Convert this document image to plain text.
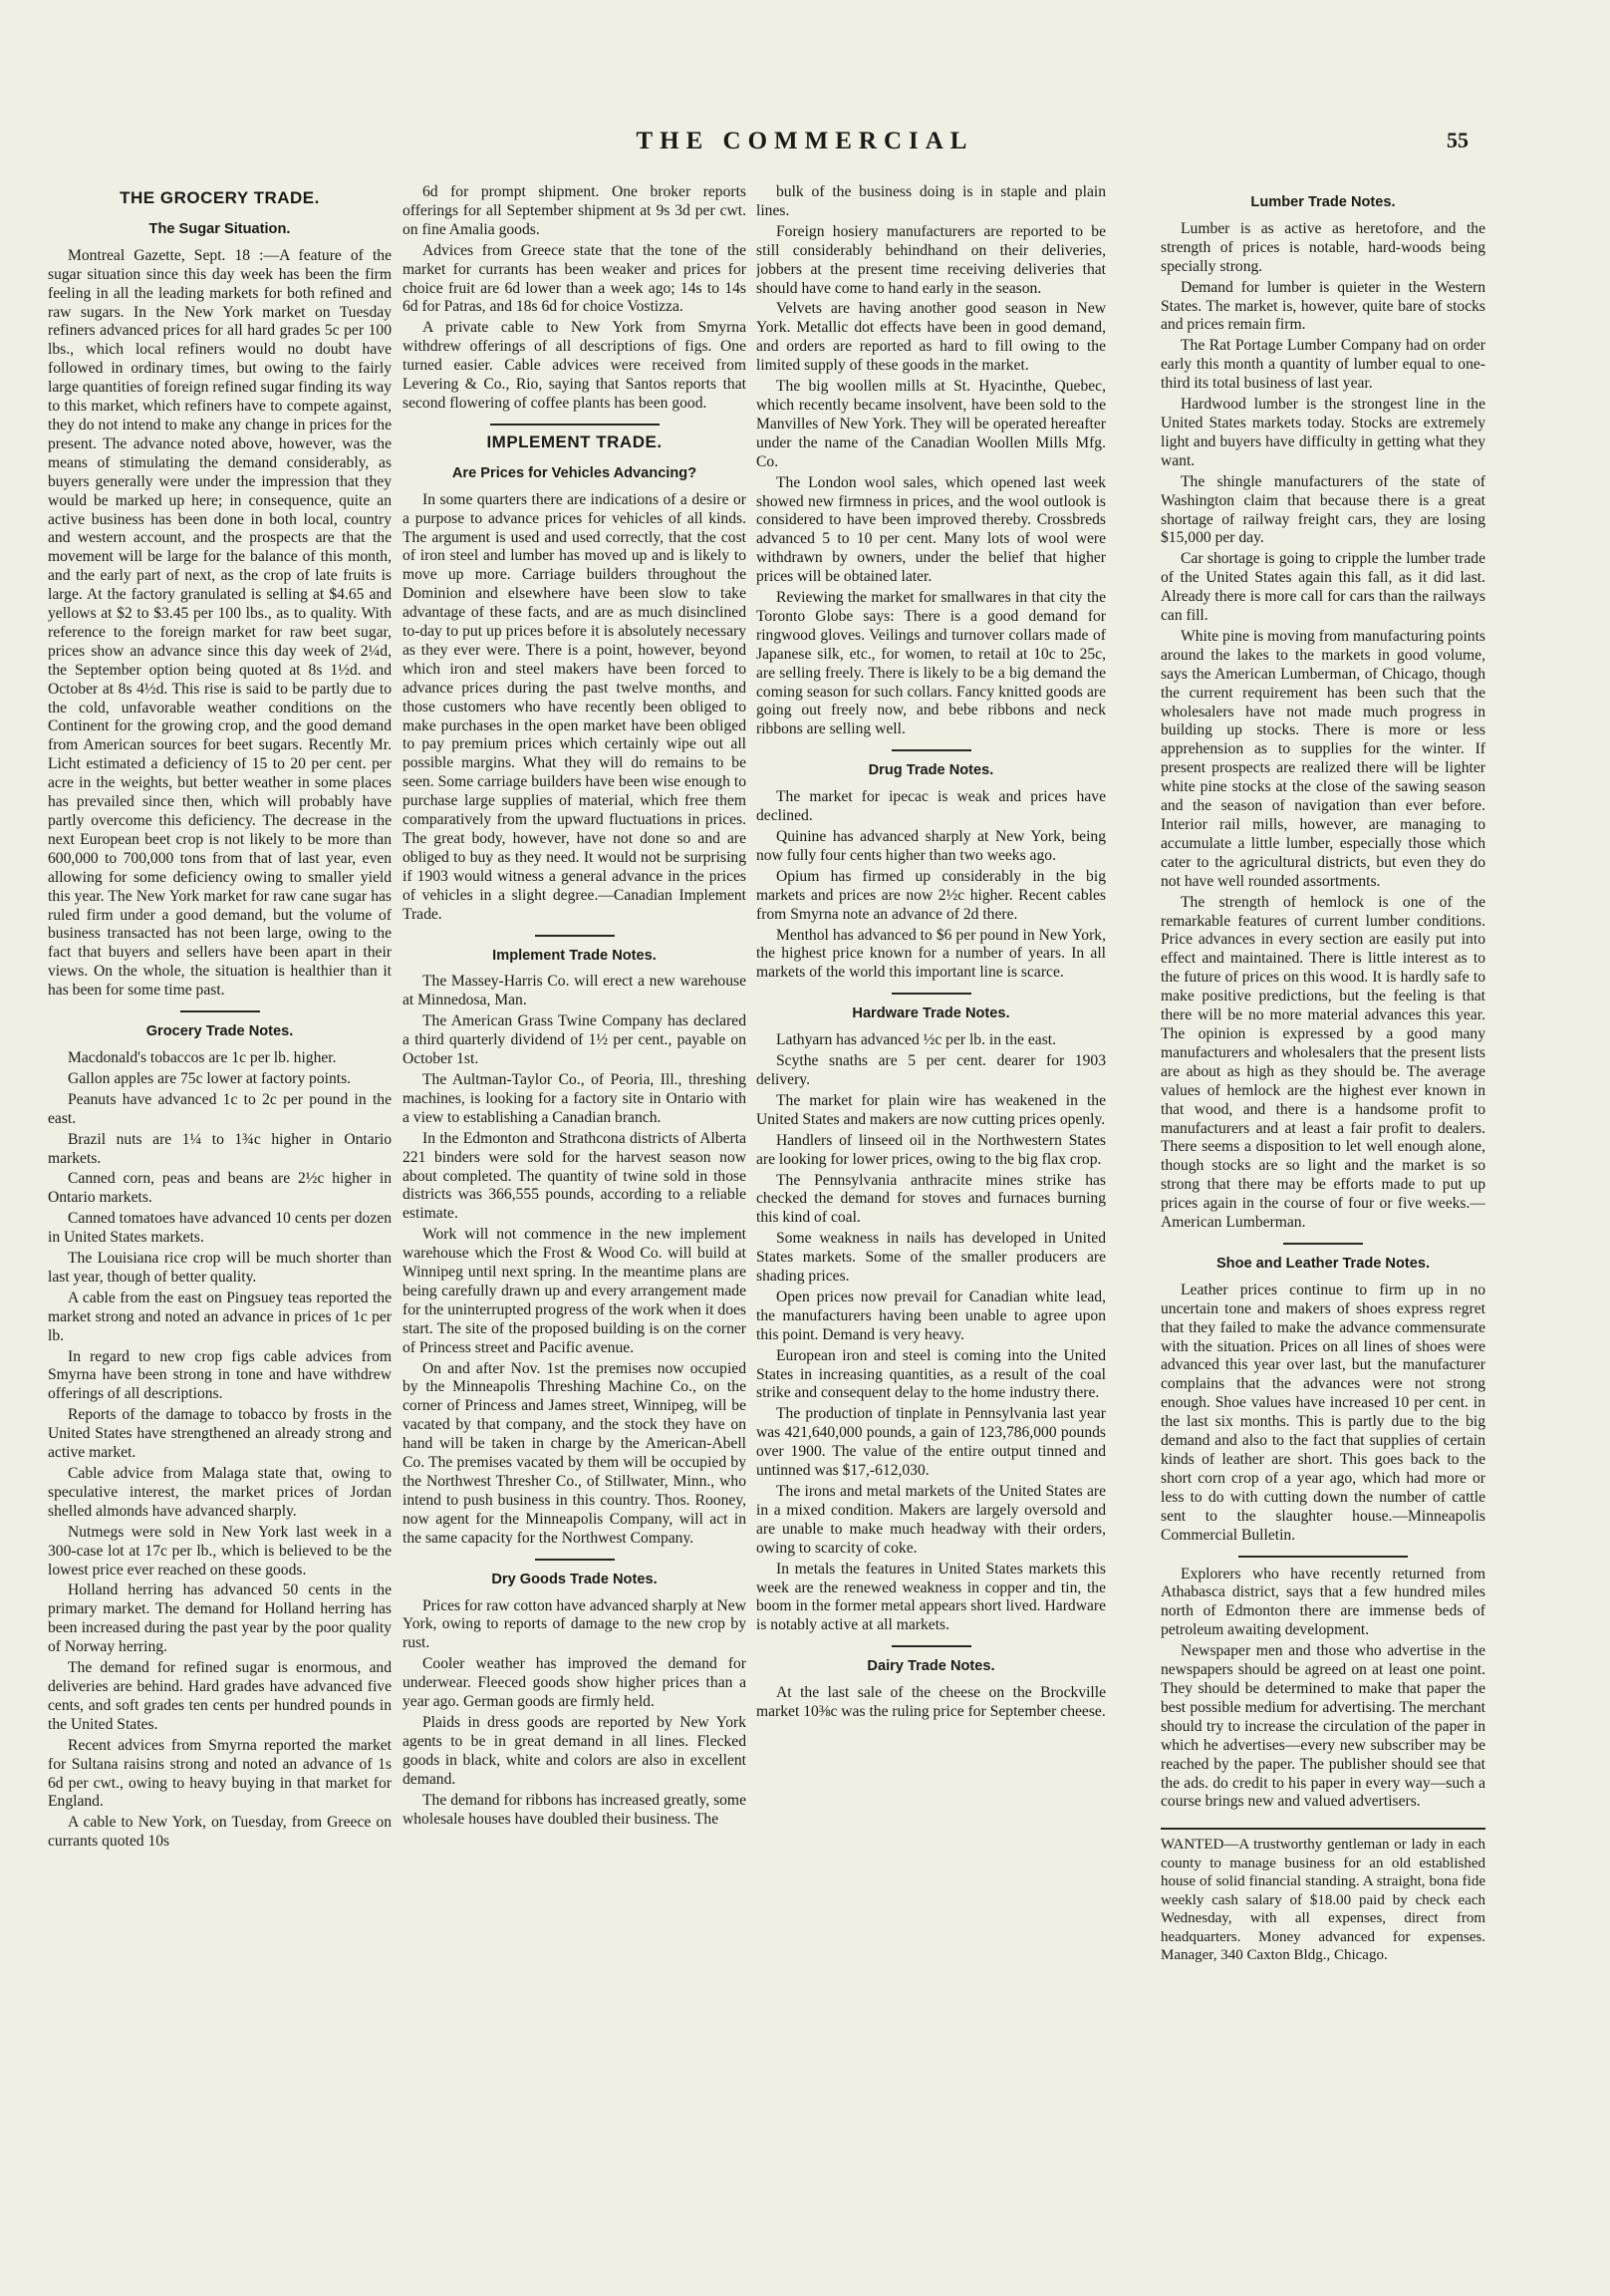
THE COMMERCIAL	55
THE GROCERY TRADE.
The Sugar Situation.

Montreal Gazette, Sept. 18 :—A feature of the sugar situation since this day week has been the firm feeling in all the leading markets for both refined and raw sugars. In the New York market on Tuesday refiners advanced prices for all hard grades 5c per 100 lbs., which local refiners would no doubt have followed in ordinary times, but owing to the fairly large quantities of foreign refined sugar finding its way to this market, which refiners have to compete against, they do not intend to make any change in prices for the present. The advance noted above, however, was the means of stimulating the demand considerably, as buyers generally were under the impression that they would be marked up here; in consequence, quite an active business has been done in both local, country and western account, and the prospects are that the movement will be large for the balance of this month, and the early part of next, as the crop of late fruits is large. At the factory granulated is selling at $4.65 and yellows at $2 to $3.45 per 100 lbs., as to quality. With reference to the foreign market for raw beet sugar, prices show an advance since this day week of 2¼d, the September option being quoted at 8s 1½d. and October at 8s 4½d. This rise is said to be partly due to the cold, unfavorable weather conditions on the Continent for the growing crop, and the good demand from American sources for beet sugars. Recently Mr. Licht estimated a deficiency of 15 to 20 per cent. per acre in the weights, but better weather in some places has prevailed since then, which will probably have partly overcome this deficiency. The decrease in the next European beet crop is not likely to be more than 600,000 to 700,000 tons from that of last year, even allowing for some deficiency owing to smaller yield this year. The New York market for raw cane sugar has ruled firm under a good demand, but the volume of business transacted has not been large, owing to the fact that buyers and sellers have been apart in their views. On the whole, the situation is healthier than it has been for some time past.

Grocery Trade Notes.

Macdonald's tobaccos are 1c per lb. higher.

Gallon apples are 75c lower at factory points.

Peanuts have advanced 1c to 2c per pound in the east.

Brazil nuts are 1¼ to 1¾c higher in Ontario markets.

Canned corn, peas and beans are 2½c higher in Ontario markets.

Canned tomatoes have advanced 10 cents per dozen in United States markets.

The Louisiana rice crop will be much shorter than last year, though of better quality.

A cable from the east on Pingsuey teas reported the market strong and noted an advance in prices of 1c per lb.

In regard to new crop figs cable advices from Smyrna have been strong in tone and have withdrew offerings of all descriptions.

Reports of the damage to tobacco by frosts in the United States have strengthened an already strong and active market.

Cable advice from Malaga state that, owing to speculative interest, the market prices of Jordan shelled almonds have advanced sharply.

Nutmegs were sold in New York last week in a 300-case lot at 17c per lb., which is believed to be the lowest price ever reached on these goods.

Holland herring has advanced 50 cents in the primary market. The demand for Holland herring has been increased during the past year by the poor quality of Norway herring.

The demand for refined sugar is enormous, and deliveries are behind. Hard grades have advanced five cents, and soft grades ten cents per hundred pounds in the United States.

Recent advices from Smyrna reported the market for Sultana raisins strong and noted an advance of 1s 6d per cwt., owing to heavy buying in that market for England.

A cable to New York, on Tuesday, from Greece on currants quoted 10s

6d for prompt shipment. One broker reports offerings for all September shipment at 9s 3d per cwt. on fine Amalia goods.

Advices from Greece state that the tone of the market for currants has been weaker and prices for choice fruit are 6d lower than a week ago; 14s to 14s 6d for Patras, and 18s 6d for choice Vostizza.

A private cable to New York from Smyrna withdrew offerings of all descriptions of figs. One turned easier. Cable advices were received from Levering & Co., Rio, saying that Santos reports that second flowering of coffee plants has been good.

IMPLEMENT TRADE.
Are Prices for Vehicles Advancing?

In some quarters there are indications of a desire or a purpose to advance prices for vehicles of all kinds. The argument is used and used correctly, that the cost of iron steel and lumber has moved up and is likely to move up more. Carriage builders throughout the Dominion and elsewhere have been slow to take advantage of these facts, and are as much disinclined to-day to put up prices before it is absolutely necessary as they ever were. There is a point, however, beyond which iron and steel makers have been forced to advance prices during the past twelve months, and those customers who have recently been obliged to make purchases in the open market have been obliged to pay premium prices which certainly wipe out all possible margins. What they will do remains to be seen. Some carriage builders have been wise enough to purchase large supplies of material, which free them comparatively from the upward fluctuations in prices. The great body, however, have not done so and are obliged to buy as they need. It would not be surprising if 1903 would witness a general advance in the prices of vehicles in a slight degree.—Canadian Implement Trade.

Implement Trade Notes.

The Massey-Harris Co. will erect a new warehouse at Minnedosa, Man.

The American Grass Twine Company has declared a third quarterly dividend of 1½ per cent., payable on October 1st.

The Aultman-Taylor Co., of Peoria, Ill., threshing machines, is looking for a factory site in Ontario with a view to establishing a Canadian branch.

In the Edmonton and Strathcona districts of Alberta 221 binders were sold for the harvest season now about completed. The quantity of twine sold in those districts was 366,555 pounds, according to a reliable estimate.

Work will not commence in the new implement warehouse which the Frost & Wood Co. will build at Winnipeg until next spring. In the meantime plans are being carefully drawn up and every arrangement made for the uninterrupted progress of the work when it does start. The site of the proposed building is on the corner of Princess street and Pacific avenue.

On and after Nov. 1st the premises now occupied by the Minneapolis Threshing Machine Co., on the corner of Princess and James street, Winnipeg, will be vacated by that company, and the stock they have on hand will be taken in charge by the American-Abell Co. The premises vacated by them will be occupied by the Northwest Thresher Co., of Stillwater, Minn., who intend to push business in this country. Thos. Rooney, now agent for the Minneapolis Company, will act in the same capacity for the Northwest Company.

Dry Goods Trade Notes.

Prices for raw cotton have advanced sharply at New York, owing to reports of damage to the new crop by rust.

Cooler weather has improved the demand for underwear. Fleeced goods show higher prices than a year ago. German goods are firmly held.

Plaids in dress goods are reported by New York agents to be in great demand in all lines. Flecked goods in black, white and colors are also in excellent demand.

The demand for ribbons has increased greatly, some wholesale houses have doubled their business. The

bulk of the business doing is in staple and plain lines.

Foreign hosiery manufacturers are reported to be still considerably behindhand on their deliveries, jobbers at the present time receiving deliveries that should have come to hand early in the season.

Velvets are having another good season in New York. Metallic dot effects have been in good demand, and orders are reported as hard to fill owing to the limited supply of these goods in the market.

The big woollen mills at St. Hyacinthe, Quebec, which recently became insolvent, have been sold to the Manvilles of New York. They will be operated hereafter under the name of the Canadian Woollen Mills Mfg. Co.

The London wool sales, which opened last week showed new firmness in prices, and the wool outlook is considered to have been improved thereby. Crossbreds advanced 5 to 10 per cent. Many lots of wool were withdrawn by owners, under the belief that higher prices will be obtained later.

Reviewing the market for smallwares in that city the Toronto Globe says: There is a good demand for ringwood gloves. Veilings and turnover collars made of Japanese silk, etc., for women, to retail at 10c to 25c, are selling freely. There is likely to be a big demand the coming season for such collars. Fancy knitted goods are going out freely now, and bebe ribbons and neck ribbons are selling well.

Drug Trade Notes.

The market for ipecac is weak and prices have declined.

Quinine has advanced sharply at New York, being now fully four cents higher than two weeks ago.

Opium has firmed up considerably in the big markets and prices are now 2½c higher. Recent cables from Smyrna note an advance of 2d there.

Menthol has advanced to $6 per pound in New York, the highest price known for a number of years. In all markets of the world this important line is scarce.

Hardware Trade Notes.

Lathyarn has advanced ½c per lb. in the east.

Scythe snaths are 5 per cent. dearer for 1903 delivery.

The market for plain wire has weakened in the United States and makers are now cutting prices openly.

Handlers of linseed oil in the Northwestern States are looking for lower prices, owing to the big flax crop.

The Pennsylvania anthracite mines strike has checked the demand for stoves and furnaces burning this kind of coal.

Some weakness in nails has developed in United States markets. Some of the smaller producers are shading prices.

Open prices now prevail for Canadian white lead, the manufacturers having been unable to agree upon this point. Demand is very heavy.

European iron and steel is coming into the United States in increasing quantities, as a result of the coal strike and consequent delay to the home industry there.

The production of tinplate in Pennsylvania last year was 421,640,000 pounds, a gain of 123,786,000 pounds over 1900. The value of the entire output tinned and untinned was $17,-612,030.

The irons and metal markets of the United States are in a mixed condition. Makers are largely oversold and are unable to make much headway with their orders, owing to scarcity of coke.

In metals the features in United States markets this week are the renewed weakness in copper and tin, the boom in the former metal appears short lived. Hardware is notably active at all markets.

Dairy Trade Notes.

At the last sale of the cheese on the Brockville market 10⅜c was the ruling price for September cheese.

Lumber Trade Notes.

Lumber is as active as heretofore, and the strength of prices is notable, hard-woods being specially strong.

Demand for lumber is quieter in the Western States. The market is, however, quite bare of stocks and prices remain firm.

The Rat Portage Lumber Company had on order early this month a quantity of lumber equal to one-third its total business of last year.

Hardwood lumber is the strongest line in the United States markets today. Stocks are extremely light and buyers have difficulty in getting what they want.

The shingle manufacturers of the state of Washington claim that because there is a great shortage of railway freight cars, they are losing $15,000 per day.

Car shortage is going to cripple the lumber trade of the United States again this fall, as it did last. Already there is more call for cars than the railways can fill.

White pine is moving from manufacturing points around the lakes to the markets in good volume, says the American Lumberman, of Chicago, though the current requirement has been such that the wholesalers have not made much progress in building up stocks. There is more or less apprehension as to supplies for the winter. If present prospects are realized there will be lighter white pine stocks at the close of the sawing season and the season of navigation than ever before. Interior rail mills, however, are managing to accumulate a little lumber, especially those which cater to the agricultural districts, but even they do not have well rounded assortments.

The strength of hemlock is one of the remarkable features of current lumber conditions. Price advances in every section are easily put into effect and maintained. There is little interest as to the future of prices on this wood. It is hardly safe to make positive predictions, but the feeling is that there will be no more material advances this year. The opinion is expressed by a good many manufacturers and wholesalers that the present lists are about as high as they should be. The average values of hemlock are the highest ever known in that wood, and there is a handsome profit to manufacturers and at least a fair profit to dealers. There seems a disposition to let well enough alone, though stocks are so light and the market is so strong that there may be efforts made to put up prices again in the course of four or five weeks.—American Lumberman.

Shoe and Leather Trade Notes.

Leather prices continue to firm up in no uncertain tone and makers of shoes express regret that they failed to make the advance commensurate with the situation. Prices on all lines of shoes were advanced this year over last, but the manufacturer complains that the advances were not strong enough. Shoe values have increased 10 per cent. in the last six months. This is partly due to the big demand and also to the fact that supplies of certain kinds of leather are short. This goes back to the short corn crop of a year ago, which had more or less to do with cutting down the number of cattle sent to the slaughter house.—Minneapolis Commercial Bulletin.

Explorers who have recently returned from Athabasca district, says that a few hundred miles north of Edmonton there are immense beds of petroleum awaiting development.

Newspaper men and those who advertise in the newspapers should be agreed on at least one point. They should be determined to make that paper the best possible medium for advertising. The merchant should try to increase the circulation of the paper in which he advertises—every new subscriber may be reached by the paper. The publisher should see that the ads. do credit to his paper in every way—such a course brings new and valued advertisers.

WANTED—A trustworthy gentleman or lady in each county to manage business for an old established house of solid financial standing. A straight, bona fide weekly cash salary of $18.00 paid by check each Wednesday, with all expenses, direct from headquarters. Money advanced for expenses. Manager, 340 Caxton Bldg., Chicago.
